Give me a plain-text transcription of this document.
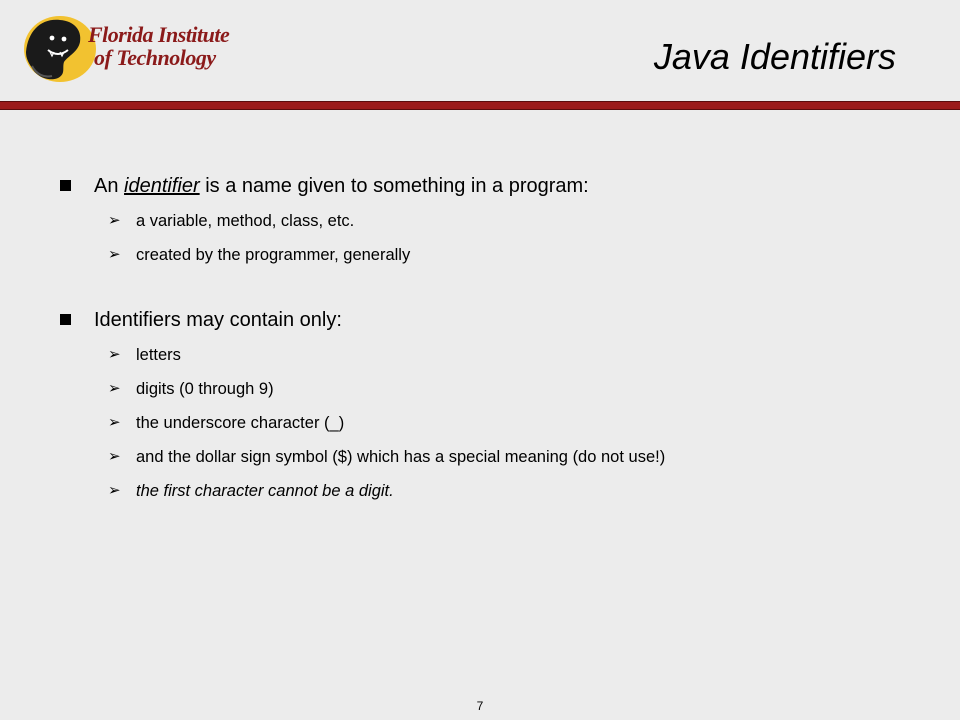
Florida Institute
of Technology	Java Identifiers
An identifier is a name given to something in a program:
➢ a variable, method, class, etc.
➢ created by the programmer, generally
Identifiers may contain only:
➢ letters
➢ digits (0 through 9)
➢ the underscore character (_)
➢ and the dollar sign symbol ($) which has a special meaning (do not use!)
➢ the first character cannot be a digit.
7
